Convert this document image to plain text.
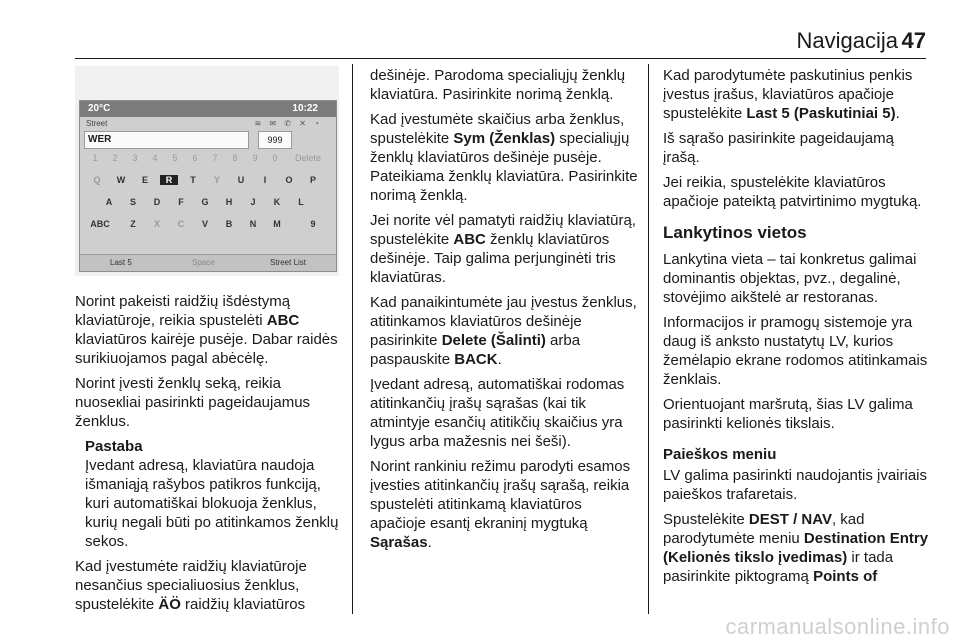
Navigacija 47
20°C	10:22
Street	≋ ✉ ✆ ✕ ◔
WER	999
1	2	3	4	5	6	7	8	9	0	Delete
Q	W	E	R	T	Y	U	I	O	P
A	S	D	F	G	H	J	K	L
ABC	Z	X	C	V	B	N	M	9
Last 5	Space	Street List

Norint pakeisti raidžių išdėstymą klaviatūroje, reikia spustelėti ABC klaviatūros kairėje pusėje. Dabar raidės surikiuojamos pagal abėcėlę.

Norint įvesti ženklų seką, reikia nuoseкliai pasirinkti pageidaujamus ženklus.

Pastaba

Įvedant adresą, klaviatūra naudoja išmaniąją rašybos patikros funkciją, kuri automatiškai blokuoja ženklus, kurių negali būti po atitinkamos ženklų sekos.

Kad įvestumėte raidžių klaviatūroje nesančius specialiuosius ženklus, spustelėkite ÄÖ raidžių klaviatūros

dešinėje. Parodoma specialiųjų ženklų klaviatūra. Pasirinkite norimą ženklą.

Kad įvestumėte skaičius arba ženklus, spustelėkite Sym (Ženklas) specialiųjų ženklų klaviatūros dešinėje pusėje. Pateikiama ženklų klaviatūra. Pasirinkite norimą ženklą.

Jei norite vėl pamatyti raidžių klaviatūrą, spustelėkite ABC ženklų klaviatūros dešinėje. Taip galima perjunginėti tris klaviatūras.

Kad panaikintumėte jau įvestus ženklus, atitinkamos klaviatūros dešinėje pasirinkite Delete (Šalinti) arba paspauskite BACK.

Įvedant adresą, automatiškai rodomas atitinkančių įrašų sąrašas (kai tik atmintyje esančių atitikčių skaičius yra lygus arba mažesnis nei šeši).

Norint rankiniu režimu parodyti esamos įvesties atitinkančių įrašų sąrašą, reikia spustelėti atitinkamą klaviatūros apačioje esantį ekraninį mygtuką Sąrašas.

Kad parodytumėte paskutinius penkis įvestus įrašus, klaviatūros apačioje spustelėkite Last 5 (Paskutiniai 5).

Iš sąrašo pasirinkite pageidaujamą įrašą.

Jei reikia, spustelėkite klaviatūros apačioje pateiktą patvirtinimo mygtuką.

Lankytinos vietos

Lankytina vieta – tai konkretus galimai dominantis objektas, pvz., degalinė, stovėjimo aikštelė ar restoranas.

Informacijos ir pramogų sistemoje yra daug iš anksto nustatytų LV, kurios žemėlapio ekrane rodomos atitinkamais ženklais.

Orientuojant maršrutą, šias LV galima pasirinkti kelionės tikslais.

Paieškos meniu

LV galima pasirinkti naudojantis įvairiais paieškos trafaretais.

Spustelėkite DEST / NAV, kad parodytumėte meniu Destination Entry (Kelionės tikslo įvedimas) ir tada pasirinkite piktogramą Points of

carmanualsonline.info
